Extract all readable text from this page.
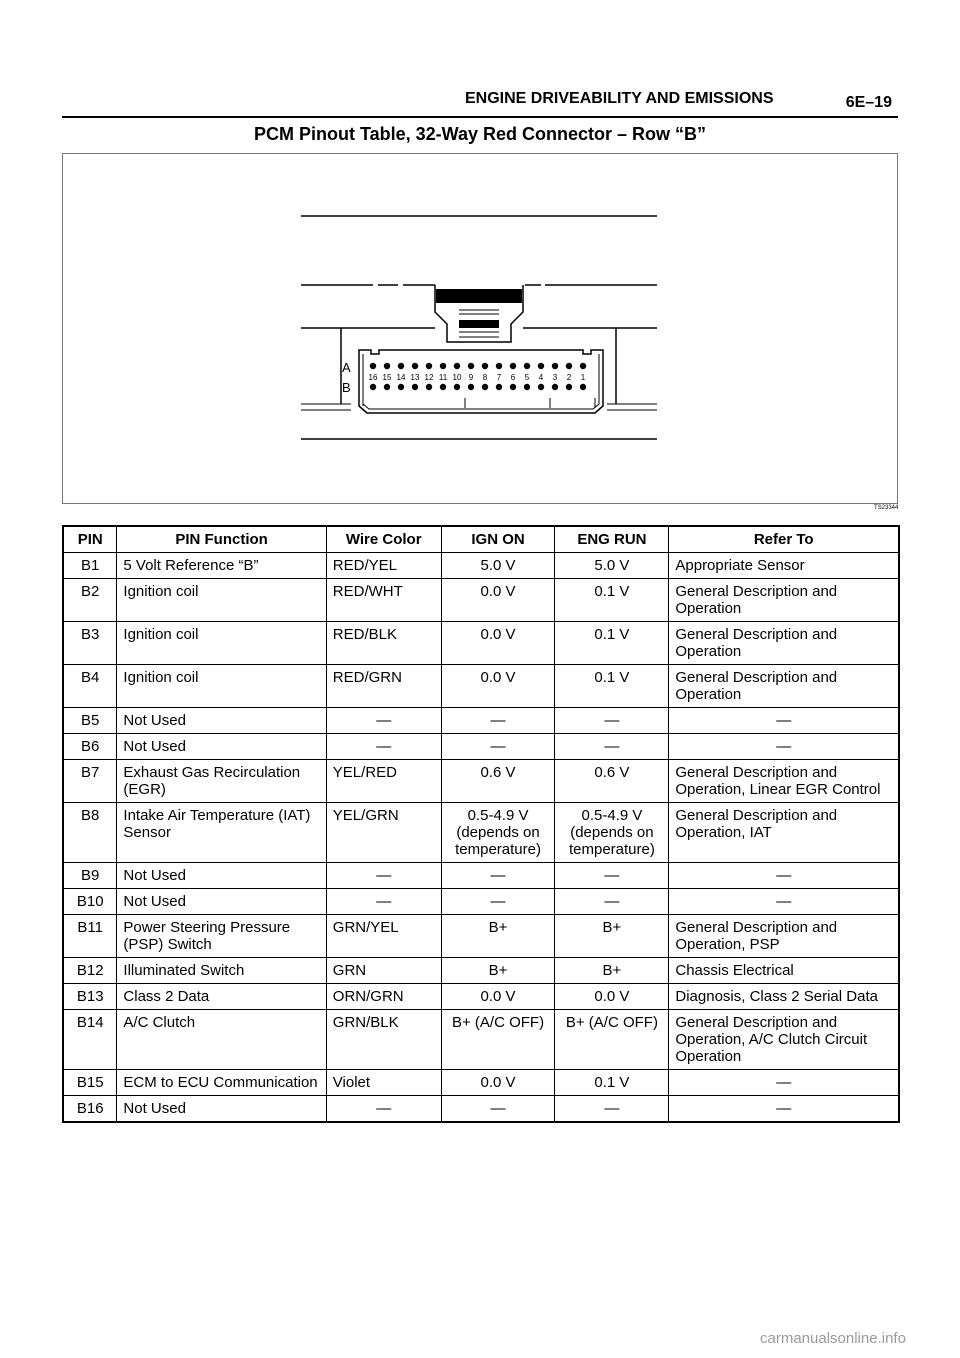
ENGINE DRIVEABILITY AND EMISSIONS	6E–19
PCM Pinout Table, 32-Way Red Connector – Row “B”
A
B
16 15 14 13 12 11 10 9 8 7 6 5 4 3 2 1
TS23344
PIN	PIN Function	Wire Color	IGN ON	ENG RUN	Refer To
B1	5 Volt Reference “B”	RED/YEL	5.0 V	5.0 V	Appropriate Sensor
B2	Ignition coil	RED/WHT	0.0 V	0.1 V	General Description and Operation
B3	Ignition coil	RED/BLK	0.0 V	0.1 V	General Description and Operation
B4	Ignition coil	RED/GRN	0.0 V	0.1 V	General Description and Operation
B5	Not Used	—	—	—	—
B6	Not Used	—	—	—	—
B7	Exhaust Gas Recirculation (EGR)	YEL/RED	0.6 V	0.6 V	General Description and Operation, Linear EGR Control
B8	Intake Air Temperature (IAT) Sensor	YEL/GRN	0.5-4.9 V (depends on temperature)	0.5-4.9 V (depends on temperature)	General Description and Operation, IAT
B9	Not Used	—	—	—	—
B10	Not Used	—	—	—	—
B11	Power Steering Pressure (PSP) Switch	GRN/YEL	B+	B+	General Description and Operation, PSP
B12	Illuminated Switch	GRN	B+	B+	Chassis Electrical
B13	Class 2 Data	ORN/GRN	0.0 V	0.0 V	Diagnosis, Class 2 Serial Data
B14	A/C Clutch	GRN/BLK	B+ (A/C OFF)	B+ (A/C OFF)	General Description and Operation, A/C Clutch Circuit Operation
B15	ECM to ECU Communication	Violet	0.0 V	0.1 V	—
B16	Not Used	—	—	—	—
carmanualsonline.info
